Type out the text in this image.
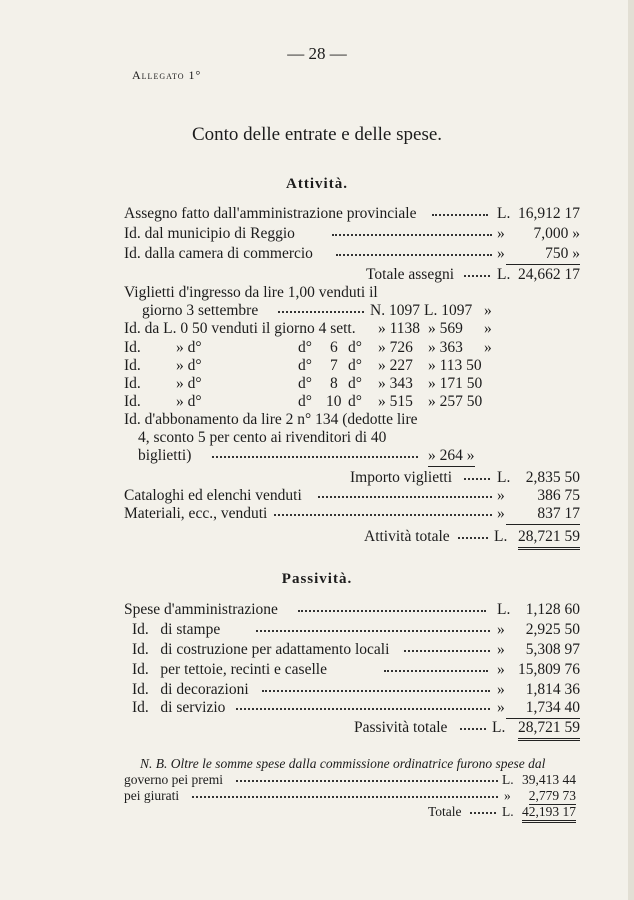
— 28 —
Allegato 1°
Conto delle entrate e delle spese.
Attività.
Assegno fatto dall'amministrazione provinciale	L. 16,912 17
Id. dal municipio di Reggio	» 7,000 »
Id. dalla camera di commercio	»	750 »
Totale assegni	L. 24,662 17
Viglietti d'ingresso da lire 1,00 venduti il
giorno 3 settembre	N. 1097 L. 1097 »
Id. da L. 0 50 venduti il giorno 4 sett. » 1138 » 569 »
Id. » d°	d° 6 d° » 726 » 363 »
Id. » d°	d° 7 d° » 227 » 113 50
Id. » d°	d° 8 d° » 343 » 171 50
Id. » d°	d° 10 d° » 515 » 257 50
Id. d'abbonamento da lire 2 n° 134 (dedotte lire
4, sconto 5 per cento ai rivenditori di 40
biglietti)	» 264 »
Importo viglietti	L. 2,835 50
Cataloghi ed elenchi venduti	» 386 75
Materiali, ecc., venduti	»	837 17
Attività totale	L. 28,721 59
Passività.
Spese d'amministrazione	L. 1,128 60
Id.   di stampe	» 2,925 50
Id.   di costruzione per adattamento locali	» 5,308 97
Id.   per tettoie, recinti e caselle	» 15,809 76
Id.   di decorazioni	» 1,814 36
Id.   di servizio	»	1,734 40
Passività totale	L. 28,721 59
N. B. Oltre le somme spese dalla commissione ordinatrice furono spese dal
governo pei premi	L. 39,413 44
pei giurati	» 2,779 73
Totale	L. 42,193 17
